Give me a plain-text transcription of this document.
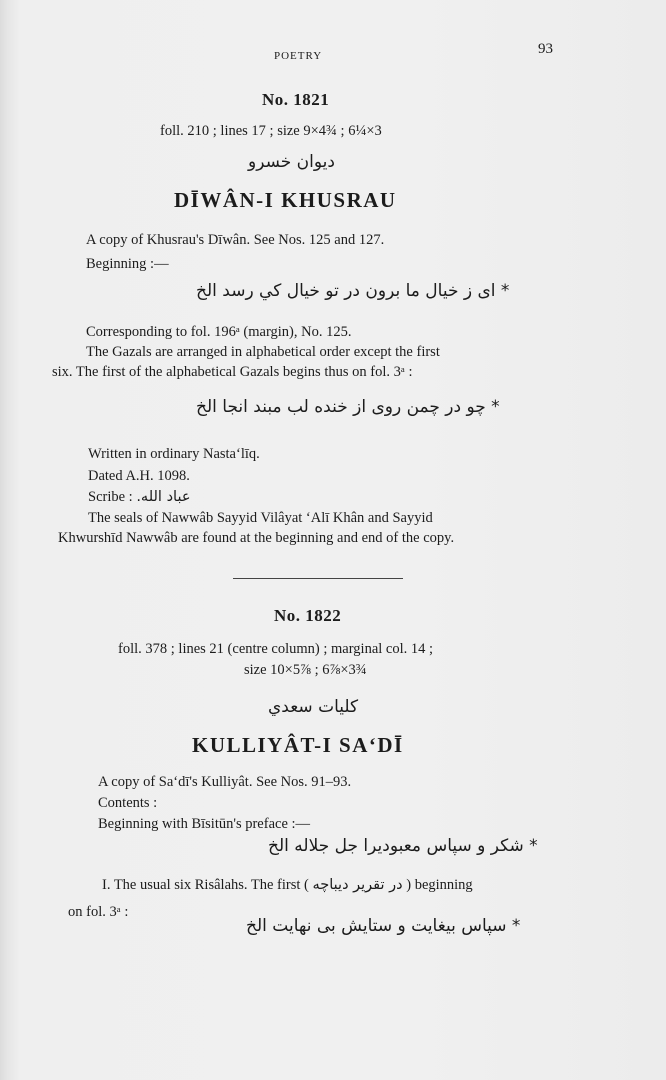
POETRY	93
No. 1821
foll. 210 ; lines 17 ; size 9×4¾ ; 6¼×3
ديوان خسرو
DĪWÂN-I KHUSRAU
A copy of Khusrau's Dīwân. See Nos. 125 and 127.
Beginning :—
* ای ز خیال ما برون در تو خیال کي رسد الخ
Corresponding to fol. 196ᵃ (margin), No. 125.
The Gazals are arranged in alphabetical order except the first
six. The first of the alphabetical Gazals begins thus on fol. 3ᵃ :
* چو در چمن روی از خنده لب مبند انجا الخ
Written in ordinary Nastaʻlīq.
Dated A.H. 1098.
Scribe : عباد الله.
The seals of Nawwâb Sayyid Vilâyat ʻAlī Khân and Sayyid
Khwurshīd Nawwâb are found at the beginning and end of the copy.
No. 1822
foll. 378 ; lines 21 (centre column) ; marginal col. 14 ;
size 10×5⅞ ; 6⅞×3¾
كليات سعدي
KULLIYÂT-I SAʻDĪ
A copy of Saʻdī's Kulliyât. See Nos. 91–93.
Contents :
Beginning with Bīsitūn's preface :—
* شکر و سپاس معبودیرا جل جلاله الخ
I. The usual six Risâlahs. The first ( در تقریر دیباچه ) beginning
on fol. 3ᵃ :
* سپاس بیغایت و ستایش بی نهایت الخ
